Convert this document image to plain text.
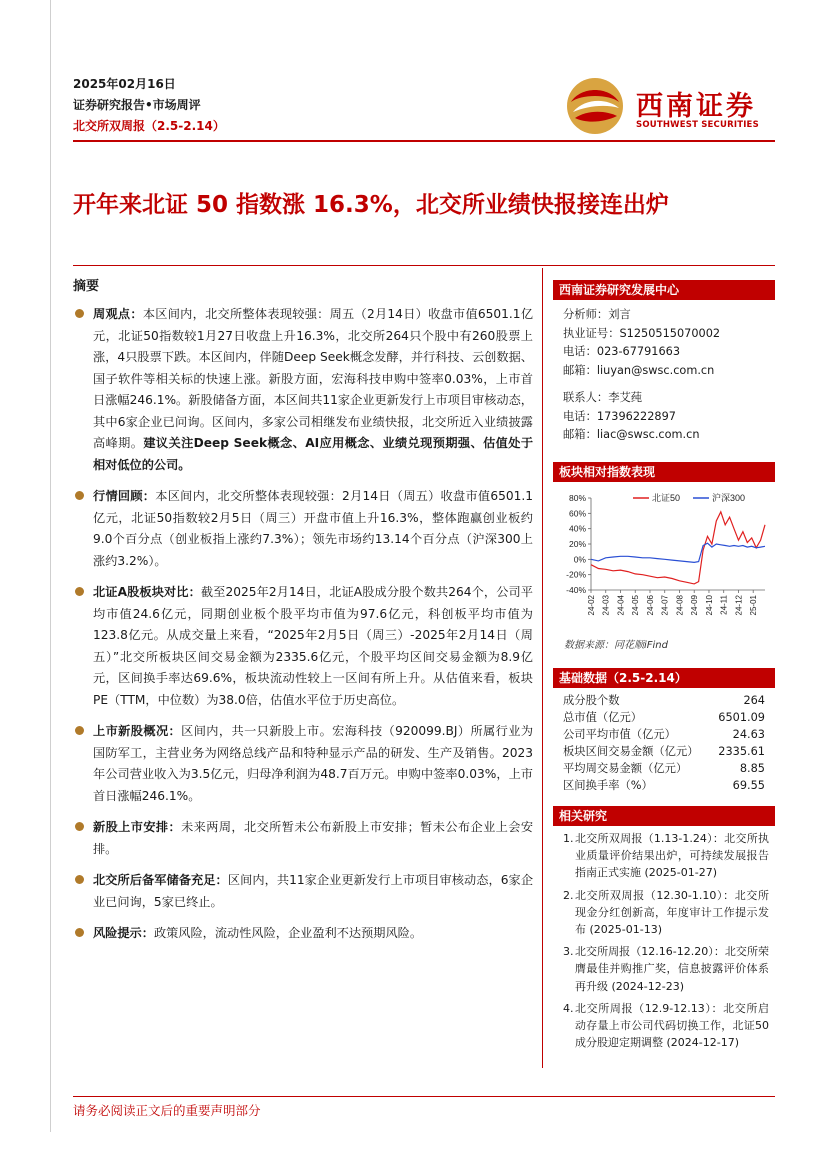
2025年02月16日
证券研究报告•市场周评
北交所双周报（2.5-2.14）
西南证券
SOUTHWEST SECURITIES
开年来北证 50 指数涨 16.3%，北交所业绩快报接连出炉
摘要
周观点：本区间内，北交所整体表现较强：周五（2月14日）收盘市值6501.1亿元，北证50指数较1月27日收盘上升16.3%，北交所264只个股中有260股票上涨，4只股票下跌。本区间内，伴随Deep Seek概念发酵，并行科技、云创数据、国子软件等相关标的快速上涨。新股方面，宏海科技申购中签率0.03%，上市首日涨幅246.1%。新股储备方面，本区间共11家企业更新发行上市项目审核动态，其中6家企业已问询。区间内，多家公司相继发布业绩快报，北交所近入业绩披露高峰期。建议关注Deep Seek概念、AI应用概念、业绩兑现预期强、估值处于相对低位的公司。
行情回顾：本区间内，北交所整体表现较强：2月14日（周五）收盘市值6501.1亿元，北证50指数较2月5日（周三）开盘市值上升16.3%，整体跑赢创业板约9.0个百分点（创业板指上涨约7.3%）；领先市场约13.14个百分点（沪深300上涨约3.2%）。
北证A股板块对比：截至2025年2月14日，北证A股成分股个数共264个，公司平均市值24.6亿元，同期创业板个股平均市值为97.6亿元，科创板平均市值为123.8亿元。从成交量上来看，“2025年2月5日（周三）-2025年2月14日（周五）”北交所板块区间交易金额为2335.6亿元，个股平均区间交易金额为8.9亿元，区间换手率达69.6%，板块流动性较上一区间有所上升。从估值来看，板块PE（TTM，中位数）为38.0倍，估值水平位于历史高位。
上市新股概况：区间内，共一只新股上市。宏海科技（920099.BJ）所属行业为国防军工，主营业务为网络总线产品和特种显示产品的研发、生产及销售。2023年公司营业收入为3.5亿元，归母净利润为48.7百万元。申购中签率0.03%，上市首日涨幅246.1%。
新股上市安排：未来两周，北交所暂未公布新股上市安排；暂未公布企业上会安排。
北交所后备军储备充足：区间内，共11家企业更新发行上市项目审核动态，6家企业已问询，5家已终止。
风险提示：政策风险，流动性风险，企业盈利不达预期风险。
西南证券研究发展中心
分析师：刘言
执业证号：S1250515070002
电话：023-67791663
邮箱：liuyan@swsc.com.cn
联系人：李艾莼
电话：17396222897
邮箱：liac@swsc.com.cn
板块相对指数表现
80%
60%
40%
20%
0%
-20%
-40%
24-02 24-03 24-04 24-05 24-06 24-07 24-08 24-09 24-10 24-11 24-12 25-01
北证50	沪深300
数据来源：同花顺iFind
基础数据（2.5-2.14）
成分股个数	264
总市值（亿元）	6501.09
公司平均市值（亿元）	24.63
板块区间交易金额（亿元） 2335.61
平均周交易金额（亿元）	8.85
区间换手率（%）	69.55
相关研究
1. 北交所双周报（1.13-1.24）：北交所执业质量评价结果出炉，可持续发展报告指南正式实施 (2025-01-27)
2. 北交所双周报（12.30-1.10）：北交所现金分红创新高，年度审计工作提示发布 (2025-01-13)
3. 北交所周报（12.16-12.20）：北交所荣膺最佳并购推广奖，信息披露评价体系再升级 (2024-12-23)
4. 北交所周报（12.9-12.13）：北交所启动存量上市公司代码切换工作，北证50成分股迎定期调整 (2024-12-17)
请务必阅读正文后的重要声明部分
